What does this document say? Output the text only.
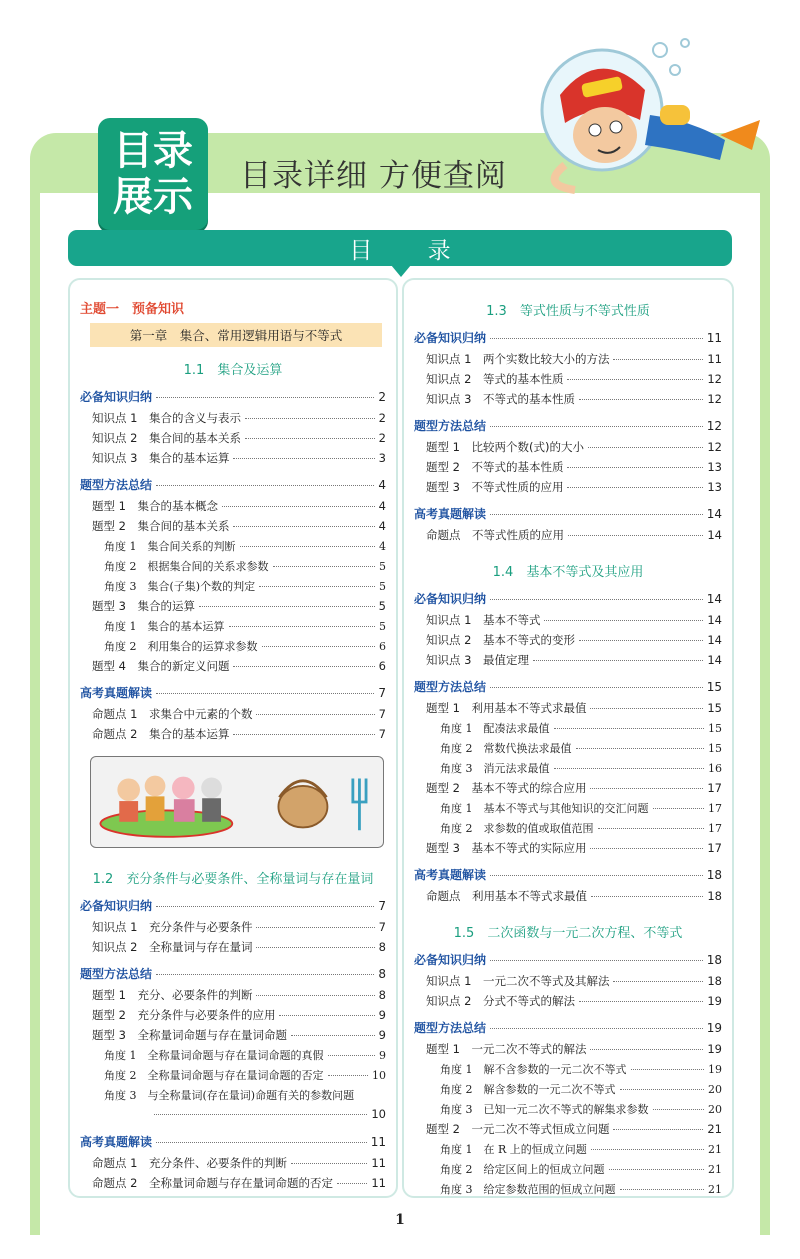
目录
展示 目录详细 方便查阅
目 录
主题一　预备知识
第一章　集合、常用逻辑用语与不等式
1.1　集合及运算
必备知识归纳	2
知识点 1　集合的含义与表示	2
知识点 2　集合间的基本关系	2
知识点 3　集合的基本运算	3
题型方法总结	4
题型 1　集合的基本概念	4
题型 2　集合间的基本关系	4
角度 1　集合间关系的判断	4
角度 2　根据集合间的关系求参数	5
角度 3　集合(子集)个数的判定	5
题型 3　集合的运算	5
角度 1　集合的基本运算	5
角度 2　利用集合的运算求参数	6
题型 4　集合的新定义问题	6
高考真题解读	7
命题点 1　求集合中元素的个数	7
命题点 2　集合的基本运算	7
1.2　充分条件与必要条件、全称量词与存在量词
必备知识归纳	7
知识点 1　充分条件与必要条件	7
知识点 2　全称量词与存在量词	8
题型方法总结	8
题型 1　充分、必要条件的判断	8
题型 2　充分条件与必要条件的应用	9
题型 3　全称量词命题与存在量词命题	9
角度 1　全称量词命题与存在量词命题的真假	9
角度 2　全称量词命题与存在量词命题的否定	10
角度 3　与全称量词(存在量词)命题有关的参数问题
10
高考真题解读	11
命题点 1　充分条件、必要条件的判断	11
命题点 2　全称量词命题与存在量词命题的否定	11
1.3　等式性质与不等式性质
必备知识归纳	11
知识点 1　两个实数比较大小的方法	11
知识点 2　等式的基本性质	12
知识点 3　不等式的基本性质	12
题型方法总结	12
题型 1　比较两个数(式)的大小	12
题型 2　不等式的基本性质	13
题型 3　不等式性质的应用	13
高考真题解读	14
命题点　不等式性质的应用	14
1.4　基本不等式及其应用
必备知识归纳	14
知识点 1　基本不等式	14
知识点 2　基本不等式的变形	14
知识点 3　最值定理	14
题型方法总结	15
题型 1　利用基本不等式求最值	15
角度 1　配凑法求最值	15
角度 2　常数代换法求最值	15
角度 3　消元法求最值	16
题型 2　基本不等式的综合应用	17
角度 1　基本不等式与其他知识的交汇问题	17
角度 2　求参数的值或取值范围	17
题型 3　基本不等式的实际应用	17
高考真题解读	18
命题点　利用基本不等式求最值	18
1.5　二次函数与一元二次方程、不等式
必备知识归纳	18
知识点 1　一元二次不等式及其解法	18
知识点 2　分式不等式的解法	19
题型方法总结	19
题型 1　一元二次不等式的解法	19
角度 1　解不含参数的一元二次不等式	19
角度 2　解含参数的一元二次不等式	20
角度 3　已知一元二次不等式的解集求参数	20
题型 2　一元二次不等式恒成立问题	21
角度 1　在 R 上的恒成立问题	21
角度 2　给定区间上的恒成立问题	21
角度 3　给定参数范围的恒成立问题	21
1
